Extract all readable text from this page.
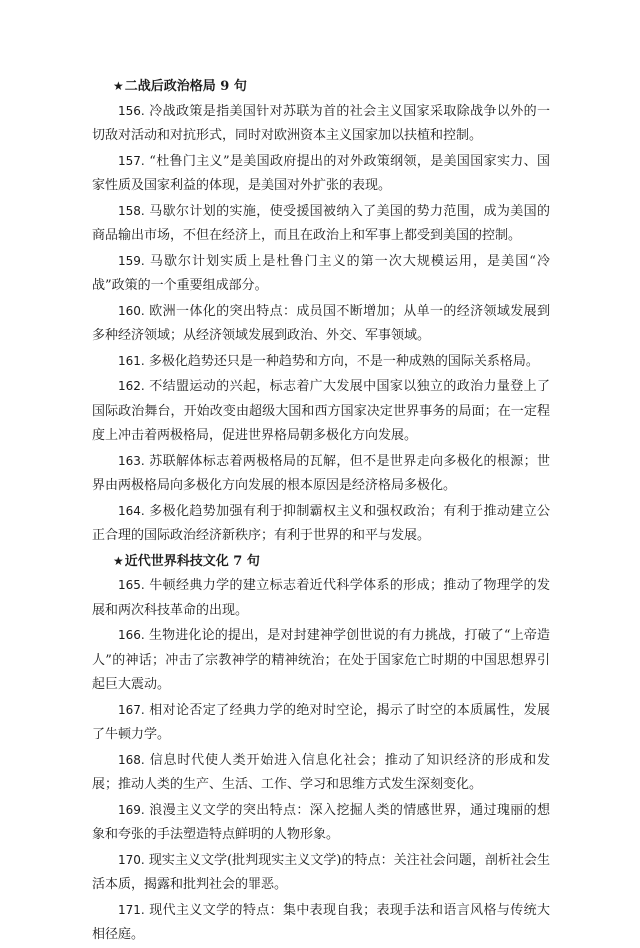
★二战后政治格局 9 句
156. 冷战政策是指美国针对苏联为首的社会主义国家采取除战争以外的一切敌对活动和对抗形式，同时对欧洲资本主义国家加以扶植和控制。
157. “杜鲁门主义”是美国政府提出的对外政策纲领，是美国国家实力、国家性质及国家利益的体现，是美国对外扩张的表现。
158. 马歇尔计划的实施，使受援国被纳入了美国的势力范围，成为美国的商品输出市场，不但在经济上，而且在政治上和军事上都受到美国的控制。
159. 马歇尔计划实质上是杜鲁门主义的第一次大规模运用，是美国“冷战”政策的一个重要组成部分。
160. 欧洲一体化的突出特点：成员国不断增加；从单一的经济领域发展到多种经济领域；从经济领域发展到政治、外交、军事领域。
161. 多极化趋势还只是一种趋势和方向，不是一种成熟的国际关系格局。
162. 不结盟运动的兴起，标志着广大发展中国家以独立的政治力量登上了国际政治舞台，开始改变由超级大国和西方国家决定世界事务的局面；在一定程度上冲击着两极格局，促进世界格局朝多极化方向发展。
163. 苏联解体标志着两极格局的瓦解，但不是世界走向多极化的根源；世界由两极格局向多极化方向发展的根本原因是经济格局多极化。
164. 多极化趋势加强有利于抑制霸权主义和强权政治；有利于推动建立公正合理的国际政治经济新秩序；有利于世界的和平与发展。
★近代世界科技文化 7 句
165. 牛顿经典力学的建立标志着近代科学体系的形成；推动了物理学的发展和两次科技革命的出现。
166. 生物进化论的提出，是对封建神学创世说的有力挑战，打破了“上帝造人”的神话；冲击了宗教神学的精神统治；在处于国家危亡时期的中国思想界引起巨大震动。
167. 相对论否定了经典力学的绝对时空论，揭示了时空的本质属性，发展了牛顿力学。
168. 信息时代使人类开始进入信息化社会；推动了知识经济的形成和发展；推动人类的生产、生活、工作、学习和思维方式发生深刻变化。
169. 浪漫主义文学的突出特点：深入挖掘人类的情感世界，通过瑰丽的想象和夸张的手法塑造特点鲜明的人物形象。
170. 现实主义文学(批判现实主义文学)的特点：关注社会问题，剖析社会生活本质，揭露和批判社会的罪恶。
171. 现代主义文学的特点：集中表现自我；表现手法和语言风格与传统大相径庭。
